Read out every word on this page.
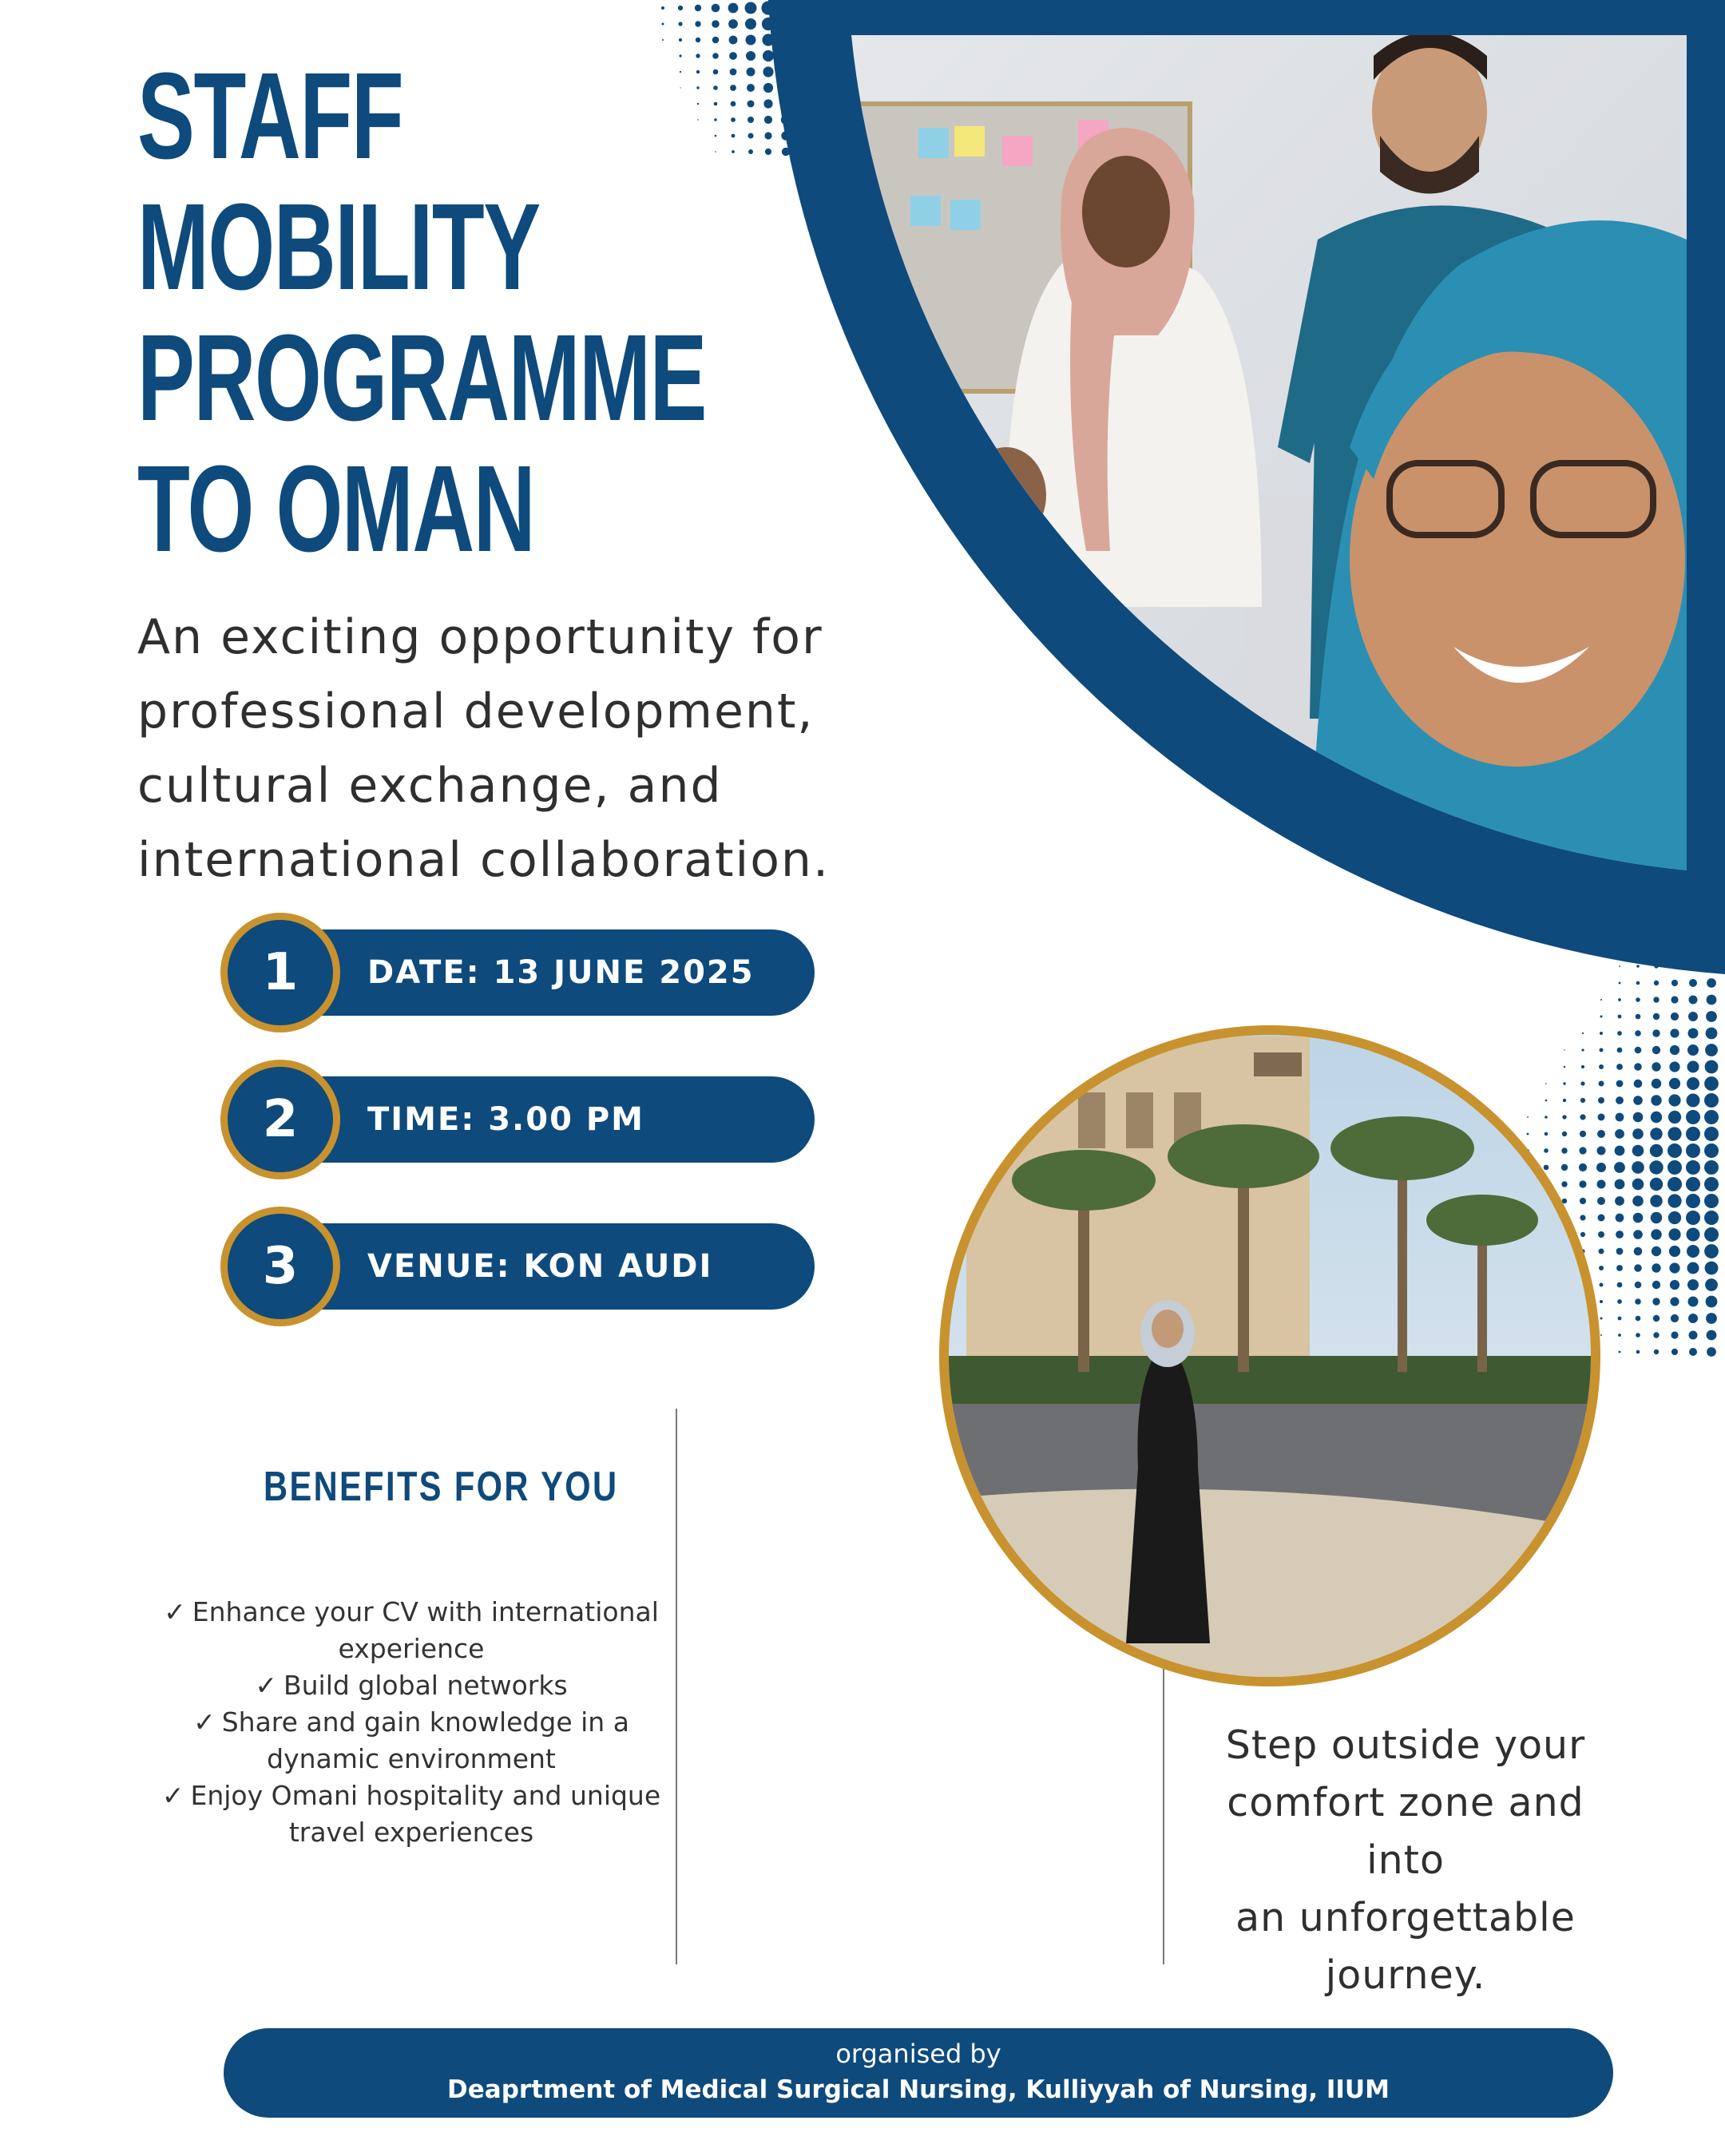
STAFF
MOBILITY
PROGRAMME
TO OMAN
An exciting opportunity for
professional development,
cultural exchange, and
international collaboration.
DATE: 13 JUNE 2025
1
TIME: 3.00 PM
2
VENUE: KON AUDI
3
BENEFITS FOR YOU

✓ Enhance your CV with international
experience

✓ Build global networks

✓ Share and gain knowledge in a
dynamic environment

✓ Enjoy Omani hospitality and unique
travel experiences

Step outside your
comfort zone and into
an unforgettable
journey.
organised by
Deaprtment of Medical Surgical Nursing, Kulliyyah of Nursing, IIUM
